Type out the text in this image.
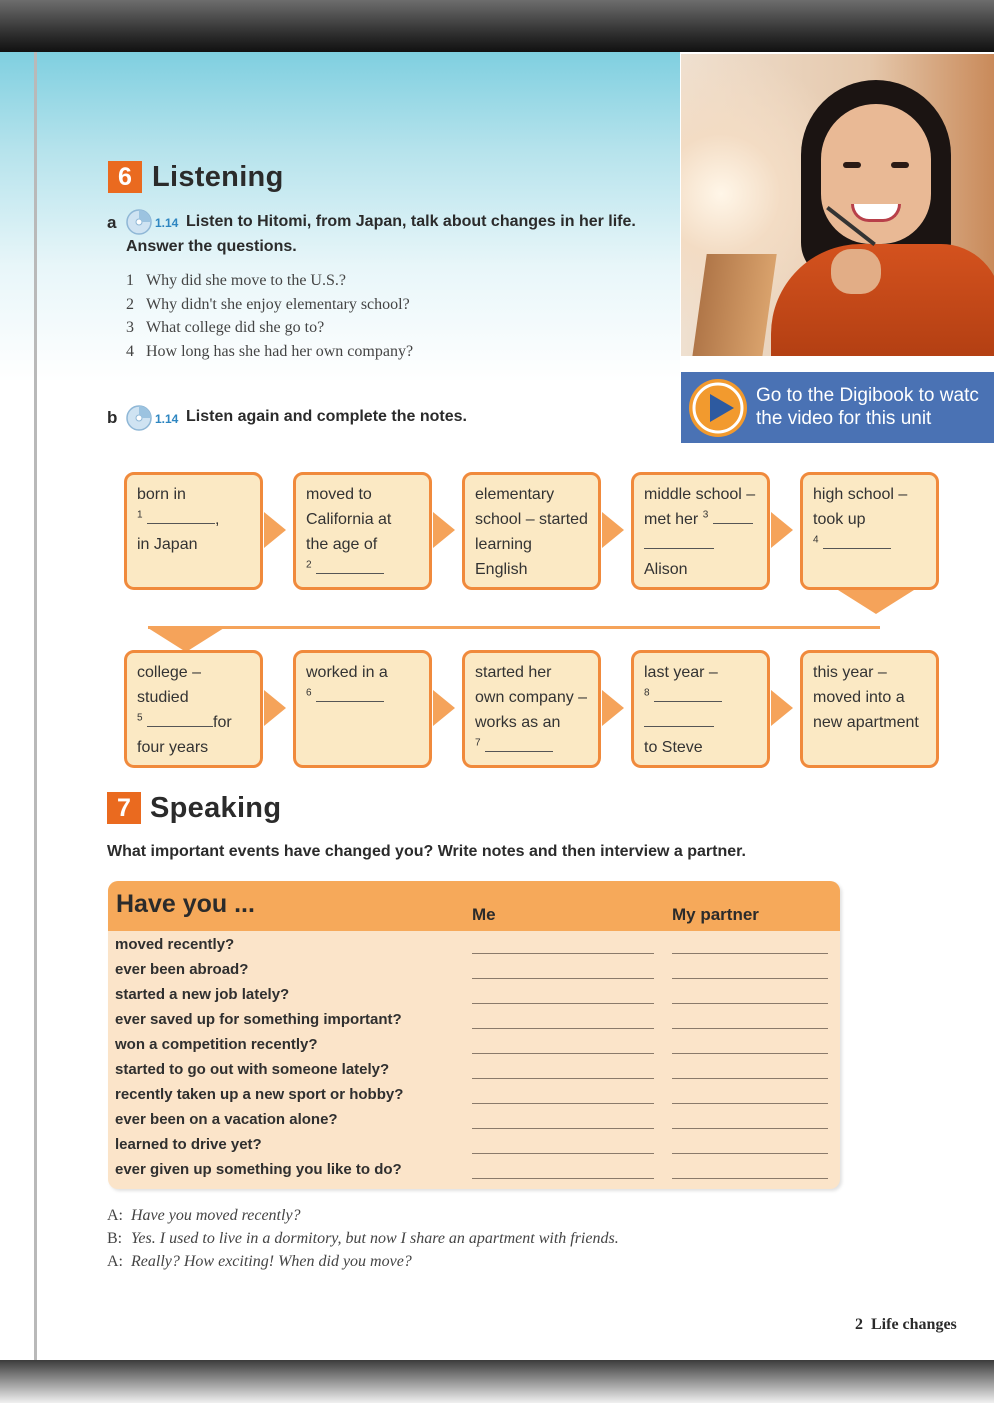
Go to the Digibook to watc
the video for this unit
6 Listening
a	1.14 Listen to Hitomi, from Japan, talk about changes in her life.
Answer the questions.
1 Why did she move to the U.S.?
2 Why didn't she enjoy elementary school?
3 What college did she go to?
4 How long has she had her own company?
b	1.14 Listen again and complete the notes.
born in
$^1$	,
in Japan
moved to
California at
the age of
$^2$
elementary
school – started
learning English
middle school –
met her $^3$
Alison
high school –
took up
$^4$
college –
studied
$^5$	for
four years
worked in a
$^6$
started her
own company –
works as an
$^7$
last year –
$^8$
to Steve
this year –
moved into a
new apartment
7 Speaking
What important events have changed you? Write notes and then interview a partner.
Have you ...	Me	My partner
moved recently?
ever been abroad?
started a new job lately?
ever saved up for something important?
won a competition recently?
started to go out with someone lately?
recently taken up a new sport or hobby?
ever been on a vacation alone?
learned to drive yet?
ever given up something you like to do?
A: Have you moved recently?
B: Yes. I used to live in a dormitory, but now I share an apartment with friends.
A: Really? How exciting! When did you move?
2 Life changes
